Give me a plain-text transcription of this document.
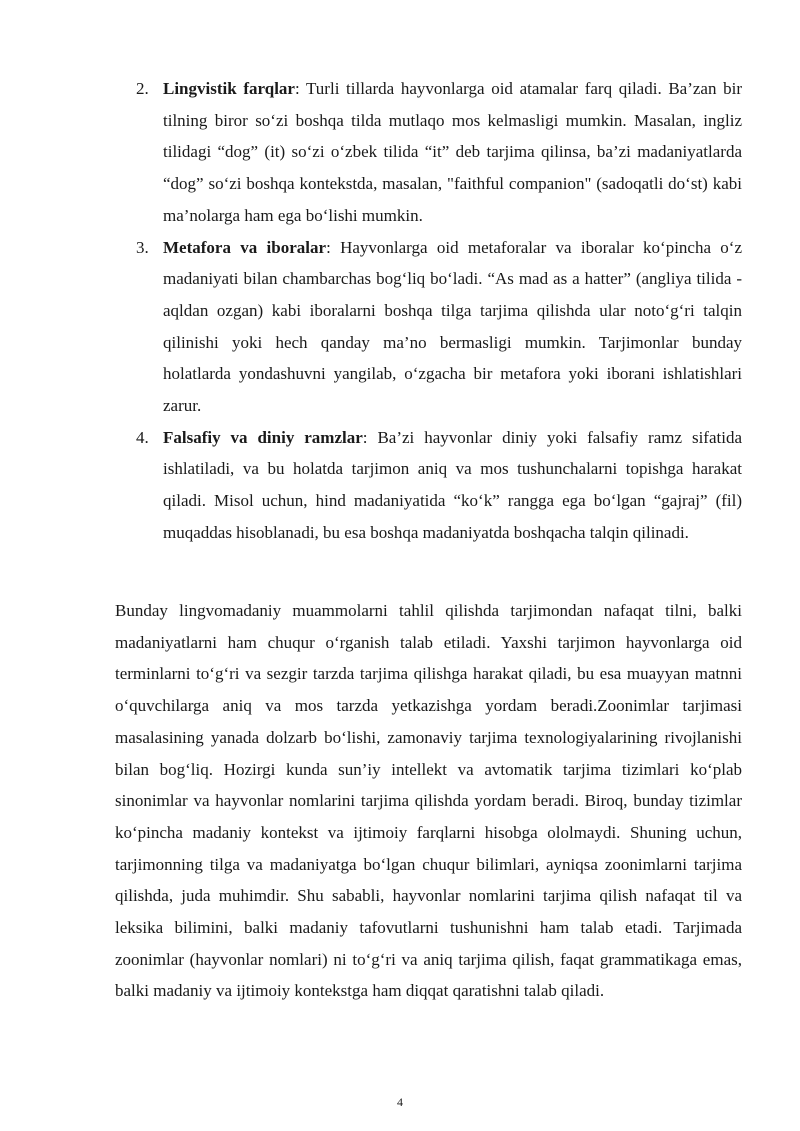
2. Lingvistik farqlar: Turli tillarda hayvonlarga oid atamalar farq qiladi. Ba’zan bir tilning biror so‘zi boshqa tilda mutlaqo mos kelmasligi mumkin. Masalan, ingliz tilidagi “dog” (it) so‘zi o‘zbek tilida “it” deb tarjima qilinsa, ba’zi madaniyatlarda “dog” so‘zi boshqa kontekstda, masalan, "faithful companion" (sadoqatli do‘st) kabi ma’nolarga ham ega bo‘lishi mumkin.
3. Metafora va iboralar: Hayvonlarga oid metaforalar va iboralar ko‘pincha o‘z madaniyati bilan chambarchas bog‘liq bo‘ladi. “As mad as a hatter” (angliya tilida - aqldan ozgan) kabi iboralarni boshqa tilga tarjima qilishda ular noto‘g‘ri talqin qilinishi yoki hech qanday ma’no bermasligi mumkin. Tarjimonlar bunday holatlarda yondashuvni yangilab, o‘zgacha bir metafora yoki iborani ishlatishlari zarur.
4. Falsafiy va diniy ramzlar: Ba’zi hayvonlar diniy yoki falsafiy ramz sifatida ishlatiladi, va bu holatda tarjimon aniq va mos tushunchalarni topishga harakat qiladi. Misol uchun, hind madaniyatida “ko‘k” rangga ega bo‘lgan “gajraj” (fil) muqaddas hisoblanadi, bu esa boshqa madaniyatda boshqacha talqin qilinadi.

Bunday lingvomadaniy muammolarni tahlil qilishda tarjimondan nafaqat tilni, balki madaniyatlarni ham chuqur o‘rganish talab etiladi. Yaxshi tarjimon hayvonlarga oid terminlarni to‘g‘ri va sezgir tarzda tarjima qilishga harakat qiladi, bu esa muayyan matnni o‘quvchilarga aniq va mos tarzda yetkazishga yordam beradi.Zoonimlar tarjimasi masalasining yanada dolzarb bo‘lishi, zamonaviy tarjima texnologiyalarining rivojlanishi bilan bog‘liq. Hozirgi kunda sun’iy intellekt va avtomatik tarjima tizimlari ko‘plab sinonimlar va hayvonlar nomlarini tarjima qilishda yordam beradi. Biroq, bunday tizimlar ko‘pincha madaniy kontekst va ijtimoiy farqlarni hisobga ololmaydi. Shuning uchun, tarjimonning tilga va madaniyatga bo‘lgan chuqur bilimlari, ayniqsa zoonimlarni tarjima qilishda, juda muhimdir. Shu sababli, hayvonlar nomlarini tarjima qilish nafaqat til va leksika bilimini, balki madaniy tafovutlarni tushunishni ham talab etadi. Tarjimada zoonimlar (hayvonlar nomlari) ni to‘g‘ri va aniq tarjima qilish, faqat grammatikaga emas, balki madaniy va ijtimoiy kontekstga ham diqqat qaratishni talab qiladi.

4
